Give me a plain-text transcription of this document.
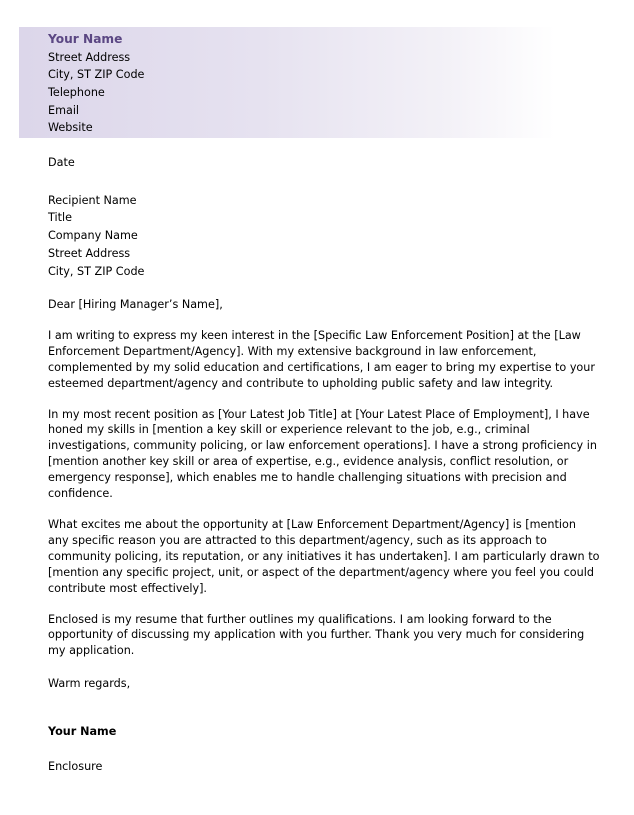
Your Name
Street Address
City, ST ZIP Code
Telephone
Email
Website
Date
Recipient Name
Title
Company Name
Street Address
City, ST ZIP Code
Dear [Hiring Manager’s Name],

I am writing to express my keen interest in the [Specific Law Enforcement Position] at the [Law Enforcement Department/Agency]. With my extensive background in law enforcement, complemented by my solid education and certifications, I am eager to bring my expertise to your esteemed department/agency and contribute to upholding public safety and law integrity.

In my most recent position as [Your Latest Job Title] at [Your Latest Place of Employment], I have honed my skills in [mention a key skill or experience relevant to the job, e.g., criminal investigations, community policing, or law enforcement operations]. I have a strong proficiency in [mention another key skill or area of expertise, e.g., evidence analysis, conflict resolution, or emergency response], which enables me to handle challenging situations with precision and confidence.

What excites me about the opportunity at [Law Enforcement Department/Agency] is [mention any specific reason you are attracted to this department/agency, such as its approach to community policing, its reputation, or any initiatives it has undertaken]. I am particularly drawn to [mention any specific project, unit, or aspect of the department/agency where you feel you could contribute most effectively].

Enclosed is my resume that further outlines my qualifications. I am looking forward to the opportunity of discussing my application with you further. Thank you very much for considering my application.

Warm regards,
Your Name
Enclosure
